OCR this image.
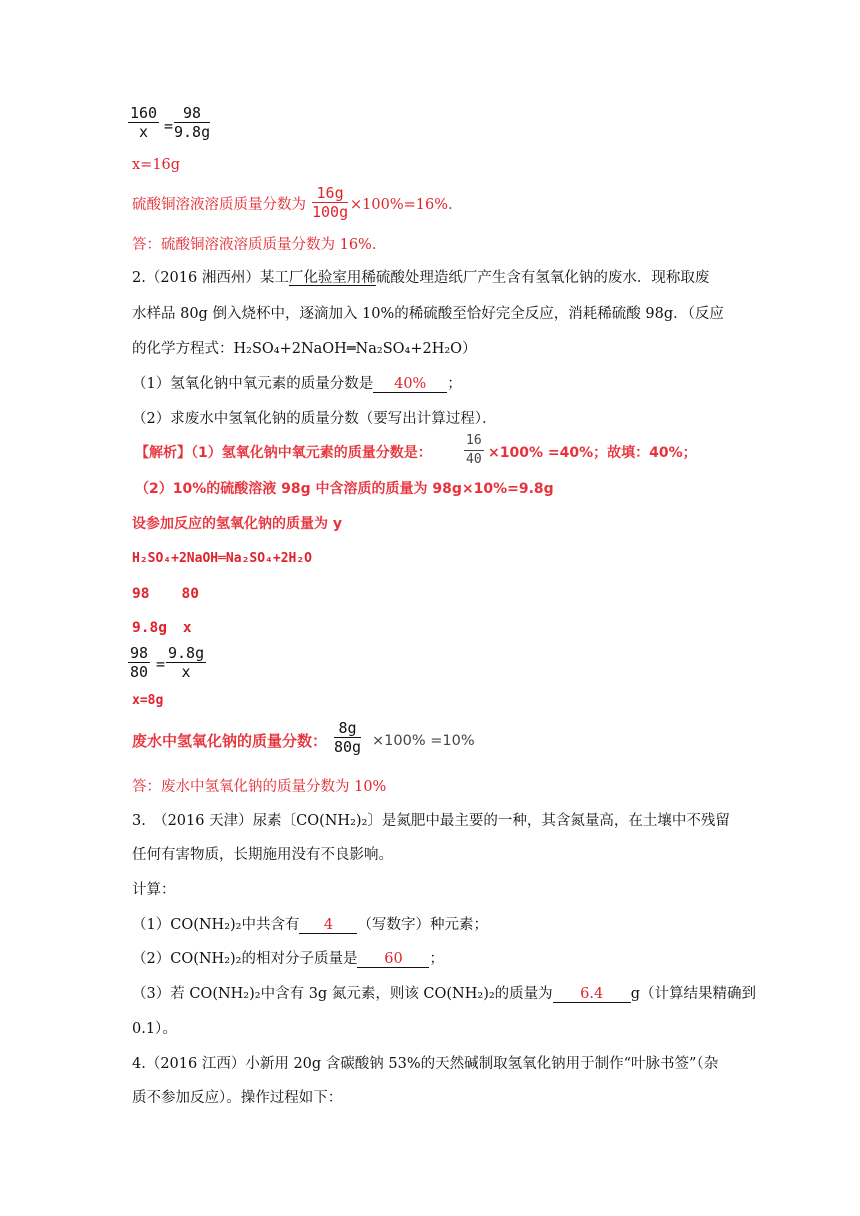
$\frac{160}{x} = \frac{98}{9.8g}$
x=16g
硫酸铜溶液溶质质量分数为 $\frac{16g}{100g} \times 100\%=16\%$.
答：硫酸铜溶液溶质质量分数为 16%.
2.（2016 湘西州）某工厂化验室用稀硫酸处理造纸厂产生含有氢氧化钠的废水．现称取废
水样品 80g 倒入烧杯中，逐滴加入 10%的稀硫酸至恰好完全反应，消耗稀硫酸 98g．（反应
的化学方程式：H₂SO₄+2NaOH═Na₂SO₄+2H₂O）
（1）氢氧化钠中氧元素的质量分数是 40% ；
（2）求废水中氢氧化钠的质量分数（要写出计算过程）．
【解析】（1）氢氧化钠中氧元素的质量分数是： $\frac{16}{40} \times 100\% =40\%$；故填：40%；
（2）10%的硫酸溶液 98g 中含溶质的质量为 98g×10%=9.8g
设参加反应的氢氧化钠的质量为 y
H₂SO₄+2NaOH═Na₂SO₄+2H₂O
98 80
9.8g x
$\frac{98}{80} = \frac{9.8g}{x}$
x=8g
废水中氢氧化钠的质量分数： $\frac{8g}{80g} \times 100\% =10\%$
答：废水中氢氧化钠的质量分数为 10%
3.　（2016 天津）尿素〔CO(NH₂)₂〕是氮肥中最主要的一种，其含氮量高，在土壤中不残留
任何有害物质，长期施用没有不良影响。
计算：
（1）CO(NH₂)₂中共含有 4 （写数字）种元素；
（2）CO(NH₂)₂的相对分子质量是 60 ；
（3）若 CO(NH₂)₂中含有 3g 氮元素，则该 CO(NH₂)₂的质量为 6.4 g（计算结果精确到
0.1）。
4.（2016 江西）小新用 20g 含碳酸钠 53%的天然碱制取氢氧化钠用于制作“叶脉书签”（杂
质不参加反应）。操作过程如下：
